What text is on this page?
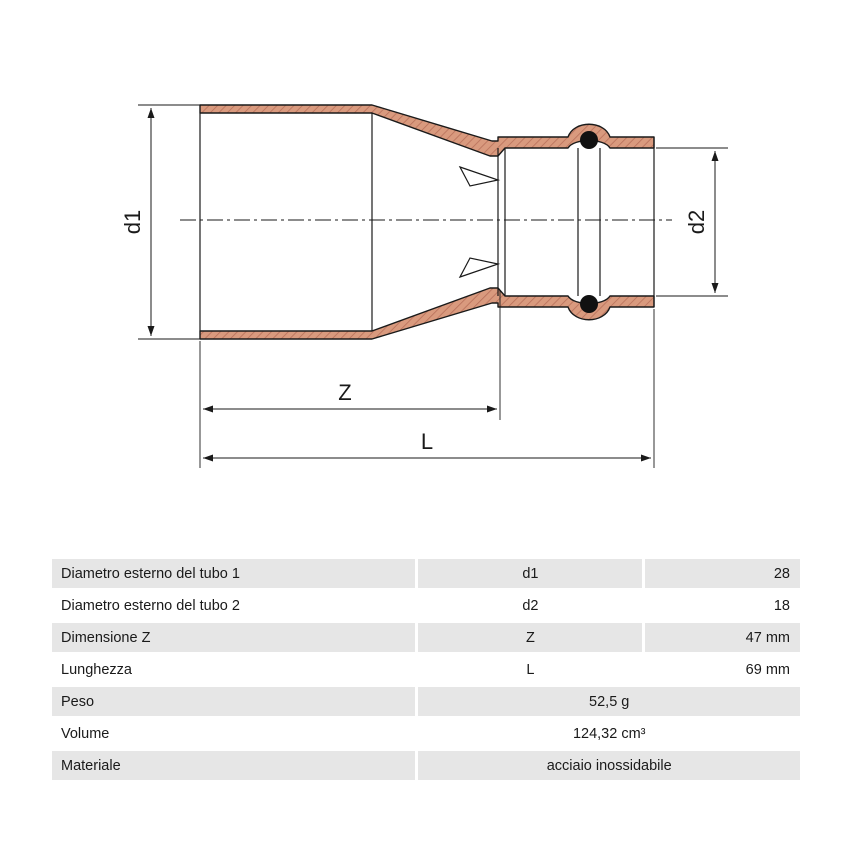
d1	d2
Z
L
Diametro esterno del tubo 1	d1	28
Diametro esterno del tubo 2	d2	18
Dimensione Z	Z	47 mm
Lunghezza	L	69 mm
Peso	52,5 g	
Volume	124,32 cm³	
Materiale	acciaio inossidabile	
